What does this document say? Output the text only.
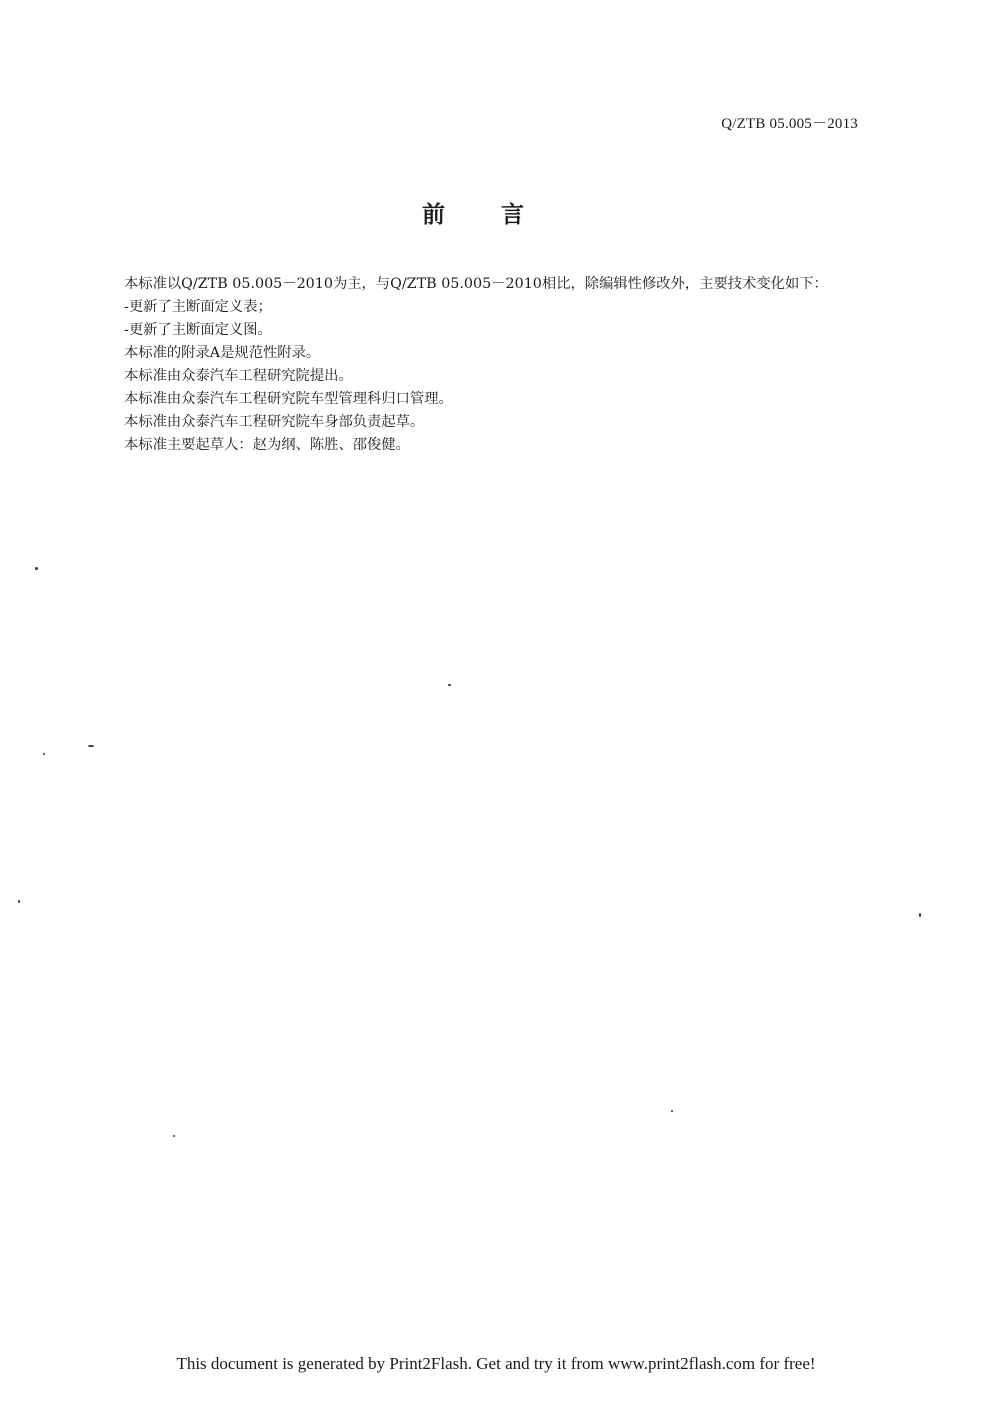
Q/ZTB 05.005－2013
前言

本标准以Q/ZTB 05.005－2010为主，与Q/ZTB 05.005－2010相比，除编辑性修改外，主要技术变化如下：

-更新了主断面定义表；

-更新了主断面定义图。

本标准的附录A是规范性附录。

本标准由众泰汽车工程研究院提出。

本标准由众泰汽车工程研究院车型管理科归口管理。

本标准由众泰汽车工程研究院车身部负责起草。

本标准主要起草人：赵为纲、陈胜、邵俊健。

This document is generated by Print2Flash. Get and try it from www.print2flash.com for free!
